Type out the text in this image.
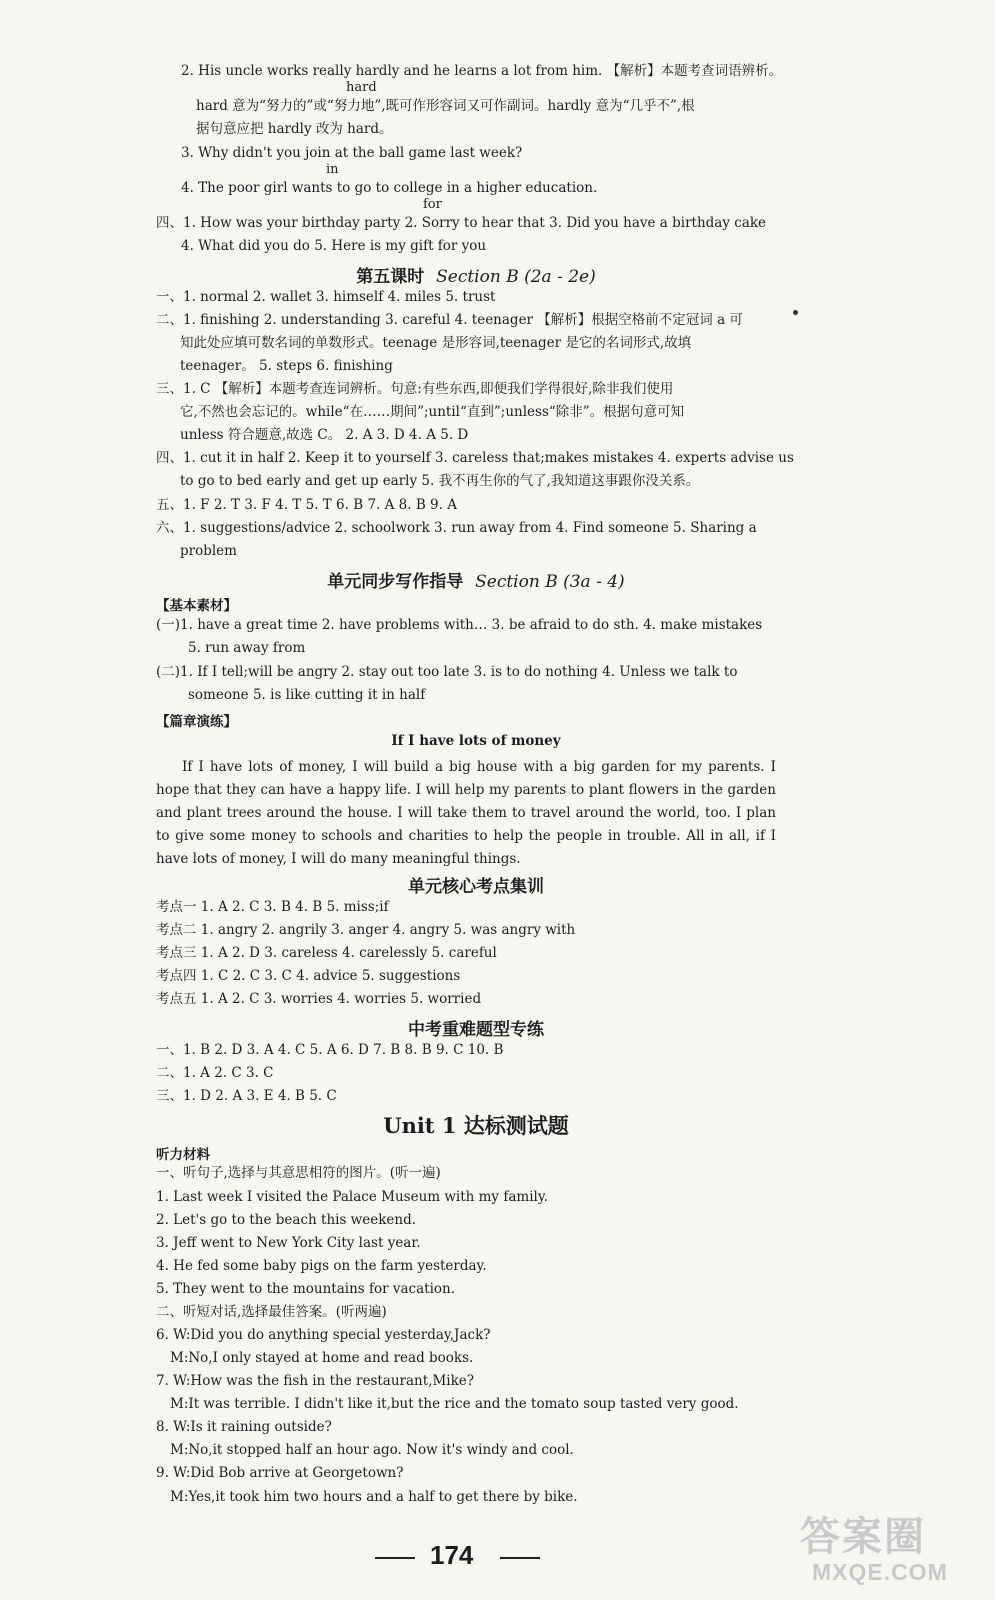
2. His uncle works really hardly and he learns a lot from him. 【解析】本题考查词语辨析。
hard
hard 意为“努力的”或“努力地”,既可作形容词又可作副词。hardly 意为“几乎不”,根
据句意应把 hardly 改为 hard。
3. Why didn't you join at the ball game last week?
in
4. The poor girl wants to go to college in a higher education.
for
四、1. How was your birthday party 2. Sorry to hear that 3. Did you have a birthday cake
4. What did you do 5. Here is my gift for you
第五课时 Section B (2a - 2e)
一、1. normal 2. wallet 3. himself 4. miles 5. trust
二、1. finishing 2. understanding 3. careful 4. teenager 【解析】根据空格前不定冠词 a 可
知此处应填可数名词的单数形式。teenage 是形容词,teenager 是它的名词形式,故填
teenager。 5. steps 6. finishing
三、1. C 【解析】本题考查连词辨析。句意:有些东西,即便我们学得很好,除非我们使用
它,不然也会忘记的。while“在……期间”;until“直到”;unless“除非”。根据句意可知
unless 符合题意,故选 C。 2. A 3. D 4. A 5. D
四、1. cut it in half 2. Keep it to yourself 3. careless that;makes mistakes 4. experts advise us
to go to bed early and get up early 5. 我不再生你的气了,我知道这事跟你没关系。
五、1. F 2. T 3. F 4. T 5. T 6. B 7. A 8. B 9. A
六、1. suggestions/advice 2. schoolwork 3. run away from 4. Find someone 5. Sharing a
problem
单元同步写作指导 Section B (3a - 4)
【基本素材】
(一)1. have a great time 2. have problems with… 3. be afraid to do sth. 4. make mistakes
5. run away from
(二)1. If I tell;will be angry 2. stay out too late 3. is to do nothing 4. Unless we talk to
someone 5. is like cutting it in half
【篇章演练】
If I have lots of money
If I have lots of money, I will build a big house with a big garden for my parents. I hope that they can have a happy life. I will help my parents to plant flowers in the garden and plant trees around the house. I will take them to travel around the world, too. I plan to give some money to schools and charities to help the people in trouble. All in all, if I have lots of money, I will do many meaningful things.
单元核心考点集训
考点一 1. A 2. C 3. B 4. B 5. miss;if
考点二 1. angry 2. angrily 3. anger 4. angry 5. was angry with
考点三 1. A 2. D 3. careless 4. carelessly 5. careful
考点四 1. C 2. C 3. C 4. advice 5. suggestions
考点五 1. A 2. C 3. worries 4. worries 5. worried
中考重难题型专练
一、1. B 2. D 3. A 4. C 5. A 6. D 7. B 8. B 9. C 10. B
二、1. A 2. C 3. C
三、1. D 2. A 3. E 4. B 5. C
Unit 1 达标测试题
听力材料
一、听句子,选择与其意思相符的图片。(听一遍)
1. Last week I visited the Palace Museum with my family.
2. Let's go to the beach this weekend.
3. Jeff went to New York City last year.
4. He fed some baby pigs on the farm yesterday.
5. They went to the mountains for vacation.
二、听短对话,选择最佳答案。(听两遍)
6. W:Did you do anything special yesterday,Jack?
M:No,I only stayed at home and read books.
7. W:How was the fish in the restaurant,Mike?
M:It was terrible. I didn't like it,but the rice and the tomato soup tasted very good.
8. W:Is it raining outside?
M:No,it stopped half an hour ago. Now it's windy and cool.
9. W:Did Bob arrive at Georgetown?
M:Yes,it took him two hours and a half to get there by bike.
174	答案圈
MXQE.COM
